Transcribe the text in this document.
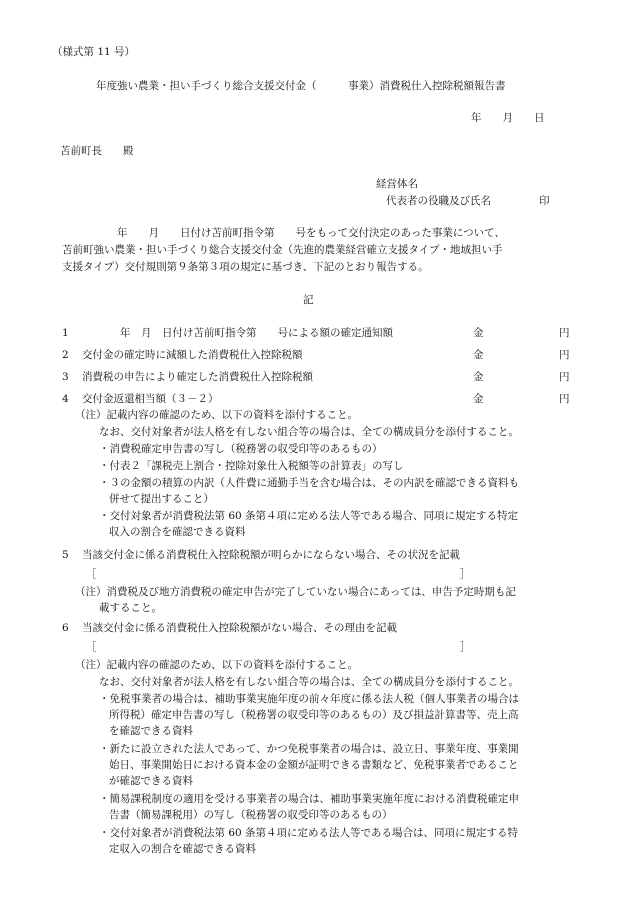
（様式第 11 号）
年度強い農業・担い手づくり総合支援交付金（　　　事業）消費税仕入控除税額報告書
年　　月　　日
苫前町長　　殿
経営体名
代表者の役職及び氏名	印
年　　月　　日付け苫前町指令第　　号をもって交付決定のあった事業について、
苫前町強い農業・担い手づくり総合支援交付金（先進的農業経営確立支援タイプ・地域担い手
支援タイプ）交付規則第９条第３項の規定に基づき、下記のとおり報告する。
記
1	年　月　日付け苫前町指令第　　号による額の確定通知額	金	円
2 交付金の確定時に減額した消費税仕入控除税額	金	円
3 消費税の申告により確定した消費税仕入控除税額	金	円
4 交付金返還相当額（３－２）	金	円
（注）記載内容の確認のため、以下の資料を添付すること。
なお、交付対象者が法人格を有しない組合等の場合は、全ての構成員分を添付すること。
・消費税確定申告書の写し（税務署の収受印等のあるもの）
・付表２「課税売上割合・控除対象仕入税額等の計算表」の写し
・３の金額の積算の内訳（人件費に通勤手当を含む場合は、その内訳を確認できる資料も
併せて提出すること）
・交付対象者が消費税法第 60 条第４項に定める法人等である場合、同項に規定する特定
収入の割合を確認できる資料
5 当該交付金に係る消費税仕入控除税額が明らかにならない場合、その状況を記載
［	］
（注）消費税及び地方消費税の確定申告が完了していない場合にあっては、申告予定時期も記
載すること。
6 当該交付金に係る消費税仕入控除税額がない場合、その理由を記載
［	］
（注）記載内容の確認のため、以下の資料を添付すること。
なお、交付対象者が法人格を有しない組合等の場合は、全ての構成員分を添付すること。
・免税事業者の場合は、補助事業実施年度の前々年度に係る法人税（個人事業者の場合は
所得税）確定申告書の写し（税務署の収受印等のあるもの）及び損益計算書等、売上高
を確認できる資料
・新たに設立された法人であって、かつ免税事業者の場合は、設立日、事業年度、事業開
始日、事業開始日における資本金の金額が証明できる書類など、免税事業者であること
が確認できる資料
・簡易課税制度の適用を受ける事業者の場合は、補助事業実施年度における消費税確定申
告書（簡易課税用）の写し（税務署の収受印等のあるもの）
・交付対象者が消費税法第 60 条第４項に定める法人等である場合は、同項に規定する特
定収入の割合を確認できる資料
